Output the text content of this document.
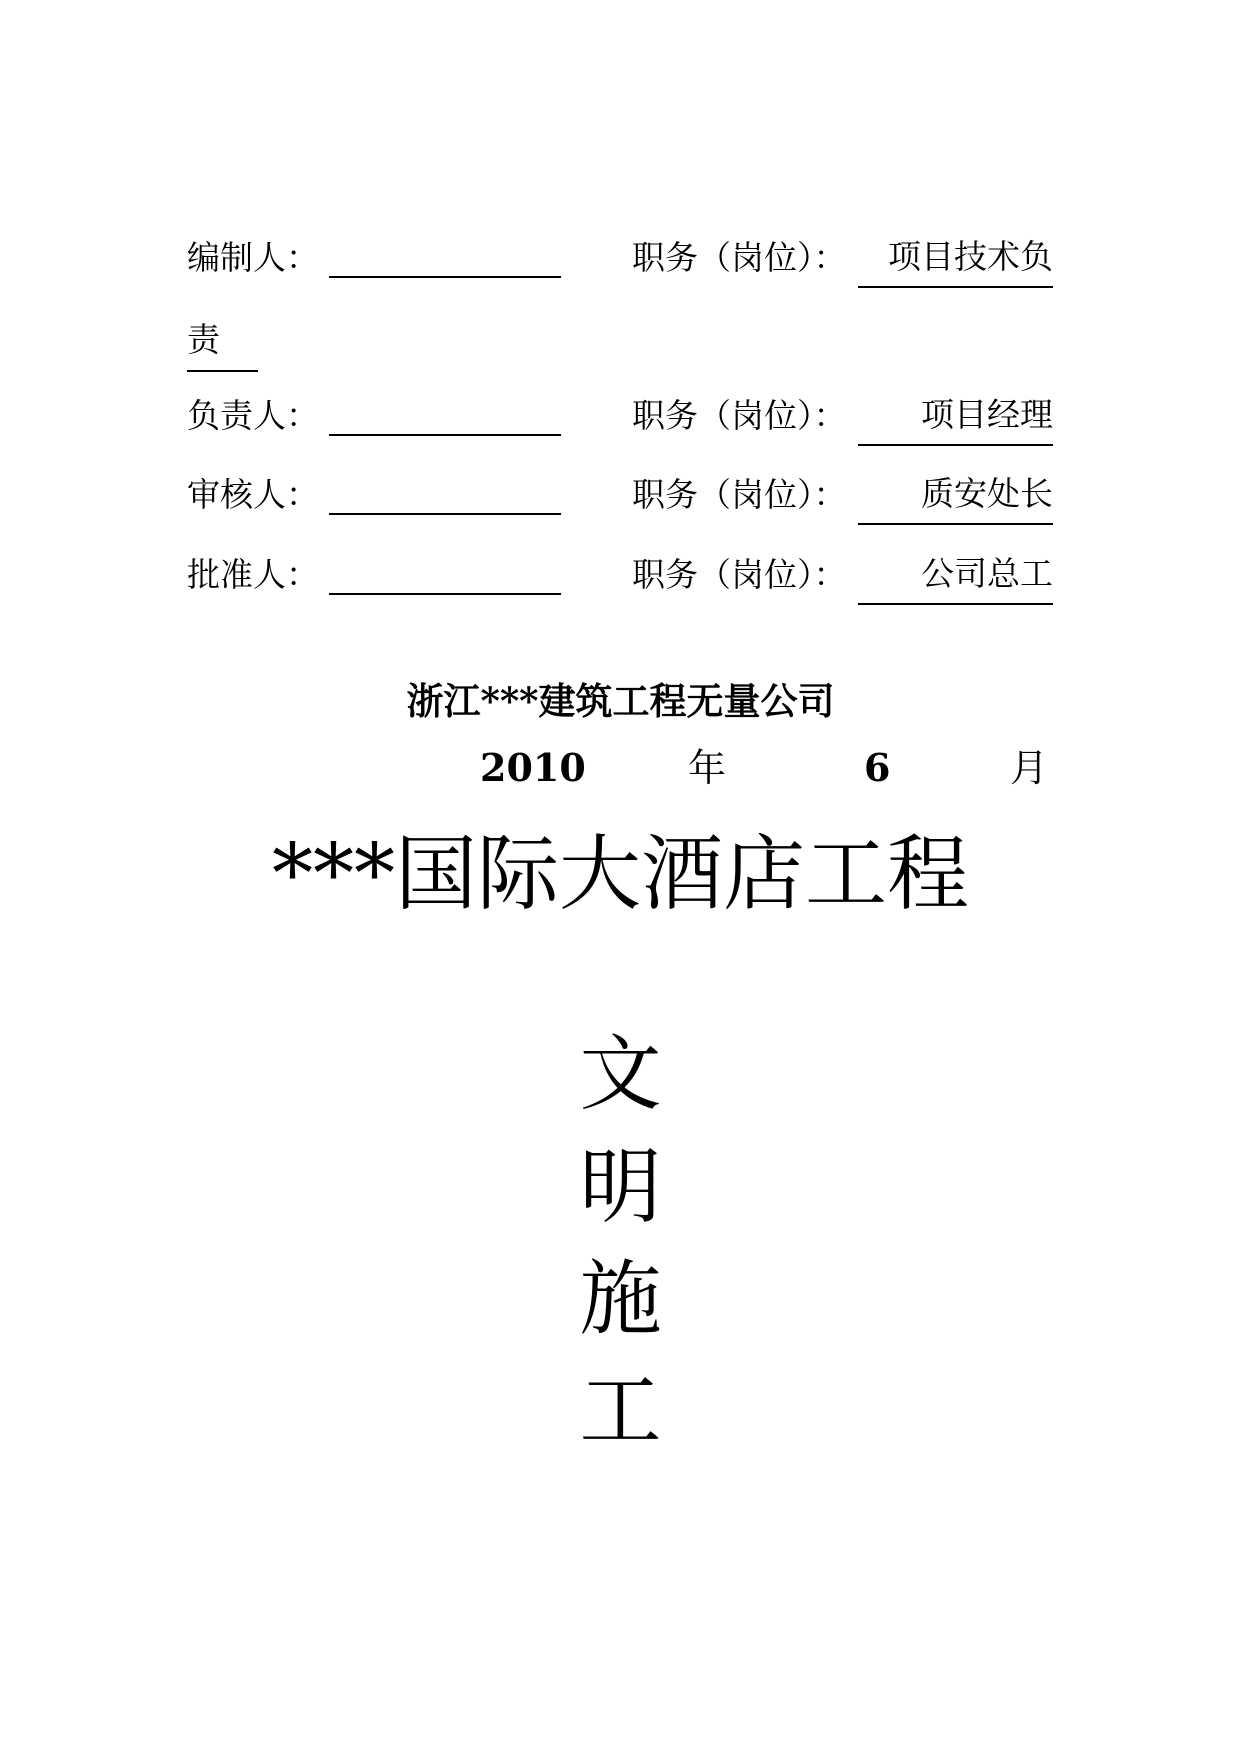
编制人：	职务（岗位）：	项目技术负
责
负责人：	职务（岗位）：	项目经理
审核人：	职务（岗位）：	质安处长
批准人：	职务（岗位）：	公司总工
浙江***建筑工程无量公司
2010	年	6	月
***国际大酒店工程
文
明
施
工
